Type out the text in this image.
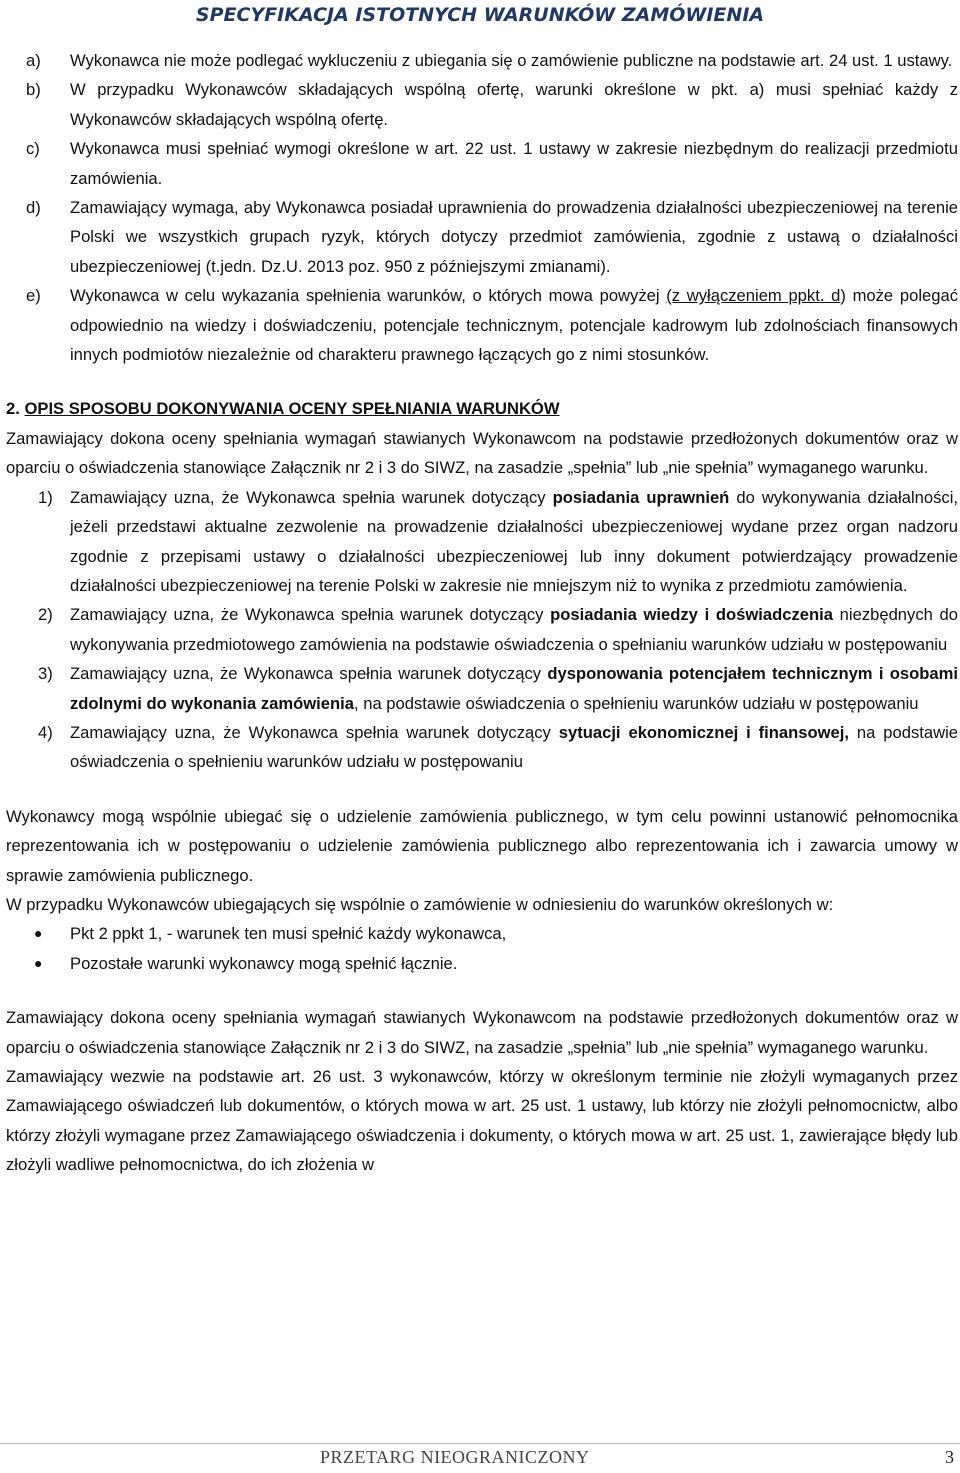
SPECYFIKACJA ISTOTNYCH WARUNKÓW ZAMÓWIENIA
a)	Wykonawca nie może podlegać wykluczeniu z ubiegania się o zamówienie publiczne na podstawie art. 24 ust. 1 ustawy.
b)	W przypadku Wykonawców składających wspólną ofertę, warunki określone w pkt. a) musi spełniać każdy z Wykonawców składających wspólną ofertę.
c)	Wykonawca musi spełniać wymogi określone w art. 22 ust. 1 ustawy w zakresie niezbędnym do realizacji przedmiotu zamówienia.
d)	Zamawiający wymaga, aby Wykonawca posiadał uprawnienia do prowadzenia działalności ubezpieczeniowej na terenie Polski we wszystkich grupach ryzyk, których dotyczy przedmiot zamówienia, zgodnie z ustawą o działalności ubezpieczeniowej (t.jedn. Dz.U. 2013 poz. 950 z późniejszymi zmianami).
e)	Wykonawca w celu wykazania spełnienia warunków, o których mowa powyżej (z wyłączeniem ppkt. d) może polegać odpowiednio na wiedzy i doświadczeniu, potencjale technicznym, potencjale kadrowym lub zdolnościach finansowych innych podmiotów niezależnie od charakteru prawnego łączących go z nimi stosunków.
2. OPIS SPOSOBU DOKONYWANIA OCENY SPEŁNIANIA WARUNKÓW
Zamawiający dokona oceny spełniania wymagań stawianych Wykonawcom na podstawie przedłożonych dokumentów oraz w oparciu o oświadczenia stanowiące Załącznik nr 2 i 3 do SIWZ, na zasadzie „spełnia” lub „nie spełnia” wymaganego warunku.
1)	Zamawiający uzna, że Wykonawca spełnia warunek dotyczący posiadania uprawnień do wykonywania działalności, jeżeli przedstawi aktualne zezwolenie na prowadzenie działalności ubezpieczeniowej wydane przez organ nadzoru zgodnie z przepisami ustawy o działalności ubezpieczeniowej lub inny dokument potwierdzający prowadzenie działalności ubezpieczeniowej na terenie Polski w zakresie nie mniejszym niż to wynika z przedmiotu zamówienia.
2)	Zamawiający uzna, że Wykonawca spełnia warunek dotyczący posiadania wiedzy i doświadczenia niezbędnych do wykonywania przedmiotowego zamówienia na podstawie oświadczenia o spełnianiu warunków udziału w postępowaniu
3)	Zamawiający uzna, że Wykonawca spełnia warunek dotyczący dysponowania potencjałem technicznym i osobami zdolnymi do wykonania zamówienia, na podstawie oświadczenia o spełnieniu warunków udziału w postępowaniu
4)	Zamawiający uzna, że Wykonawca spełnia warunek dotyczący sytuacji ekonomicznej i finansowej, na podstawie oświadczenia o spełnieniu warunków udziału w postępowaniu
Wykonawcy mogą wspólnie ubiegać się o udzielenie zamówienia publicznego, w tym celu powinni ustanowić pełnomocnika reprezentowania ich w postępowaniu o udzielenie zamówienia publicznego albo reprezentowania ich i zawarcia umowy w sprawie zamówienia publicznego.
W przypadku Wykonawców ubiegających się wspólnie o zamówienie w odniesieniu do warunków określonych w:
●	Pkt 2 ppkt 1, - warunek ten musi spełnić każdy wykonawca,
●	Pozostałe warunki wykonawcy mogą spełnić łącznie.
Zamawiający dokona oceny spełniania wymagań stawianych Wykonawcom na podstawie przedłożonych dokumentów oraz w oparciu o oświadczenia stanowiące Załącznik nr 2 i 3 do SIWZ, na zasadzie „spełnia” lub „nie spełnia” wymaganego warunku.
Zamawiający wezwie na podstawie art. 26 ust. 3 wykonawców, którzy w określonym terminie nie złożyli wymaganych przez Zamawiającego oświadczeń lub dokumentów, o których mowa w art. 25 ust. 1 ustawy, lub którzy nie złożyli pełnomocnictw, albo którzy złożyli wymagane przez Zamawiającego oświadczenia i dokumenty, o których mowa w art. 25 ust. 1, zawierające błędy lub złożyli wadliwe pełnomocnictwa, do ich złożenia w
PRZETARG NIEOGRANICZONY	3
